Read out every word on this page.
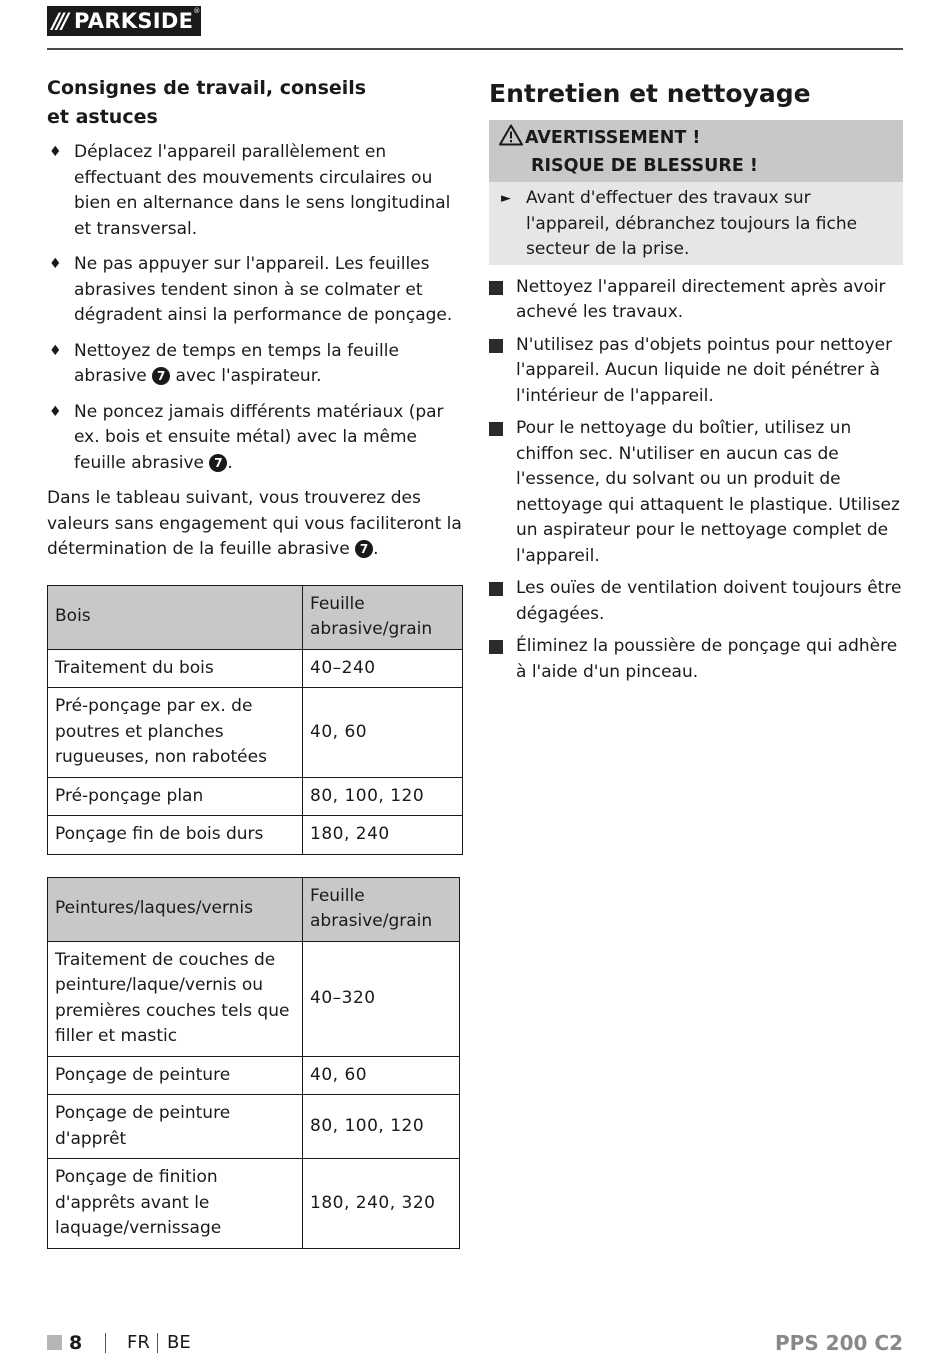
/// PARKSIDE ®
Consignes de travail, conseils
et astuces
♦ Déplacez l'appareil parallèlement en effectuant des mouvements circulaires ou bien en alternance dans le sens longitudinal et transversal.
♦ Ne pas appuyer sur l'appareil. Les feuilles abrasives tendent sinon à se colmater et dégradent ainsi la performance de ponçage.
♦ Nettoyez de temps en temps la feuille abrasive 7 avec l'aspirateur.
♦ Ne poncez jamais différents matériaux (par ex. bois et ensuite métal) avec la même feuille abrasive 7 .

Dans le tableau suivant, vous trouverez des valeurs sans engagement qui vous faciliteront la détermination de la feuille abrasive 7 .

Bois	Feuille abrasive/grain
Traitement du bois	40–240
Pré-ponçage par ex. de poutres et planches rugueuses, non rabotées	40, 60
Pré-ponçage plan	80, 100, 120
Ponçage fin de bois durs	180, 240
Peintures/laques/vernis	Feuille abrasive/grain
Traitement de couches de peinture/laque/vernis ou premières couches tels que filler et mastic	40–320
Ponçage de peinture	40, 60
Ponçage de peinture d'apprêt	80, 100, 120
Ponçage de finition d'apprêts avant le laquage/vernissage	180, 240, 320
Entretien et nettoyage
AVERTISSEMENT !
RISQUE DE BLESSURE !
► Avant d'effectuer des travaux sur l'appareil, débranchez toujours la fiche secteur de la prise.
Nettoyez l'appareil directement après avoir achevé les travaux.
N'utilisez pas d'objets pointus pour nettoyer l'appareil. Aucun liquide ne doit pénétrer à l'intérieur de l'appareil.
Pour le nettoyage du boîtier, utilisez un chiffon sec. N'utiliser en aucun cas de l'essence, du solvant ou un produit de nettoyage qui attaquent le plastique. Utilisez un aspirateur pour le nettoyage complet de l'appareil.
Les ouïes de ventilation doivent toujours être dégagées.
Éliminez la poussière de ponçage qui adhère à l'aide d'un pinceau.
8 FR BE	PPS 200 C2
